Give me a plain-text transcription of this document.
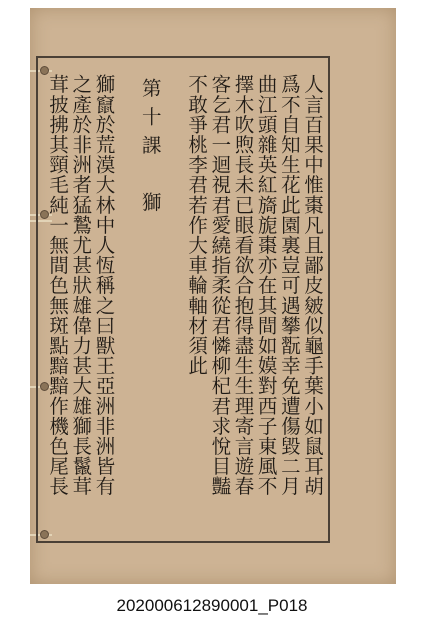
人言百果中惟棗凡且鄙皮皴似龜手葉小如鼠耳胡
爲不自知生花此園裏豈可遇攀翫幸免遭傷毀二月
曲江頭雜英紅旖旎棗亦在其間如嫫對西子東風不
擇木吹煦長未已眼看欲合抱得盡生生理寄言遊春
客乞君一迴視君愛繞指柔從君憐柳杞君求悅目豔
不敢爭桃李君若作大車輪軸材須此
第十課　獅
獅竄於荒漠大林中人恆稱之曰獸王亞洲非洲皆有
之產於非洲者猛鷙尤甚狀雄偉力甚大雄獅長鬣茸
茸披拂其頸毛純一無間色無斑點黯黯作機色尾長
202000612890001_P018
